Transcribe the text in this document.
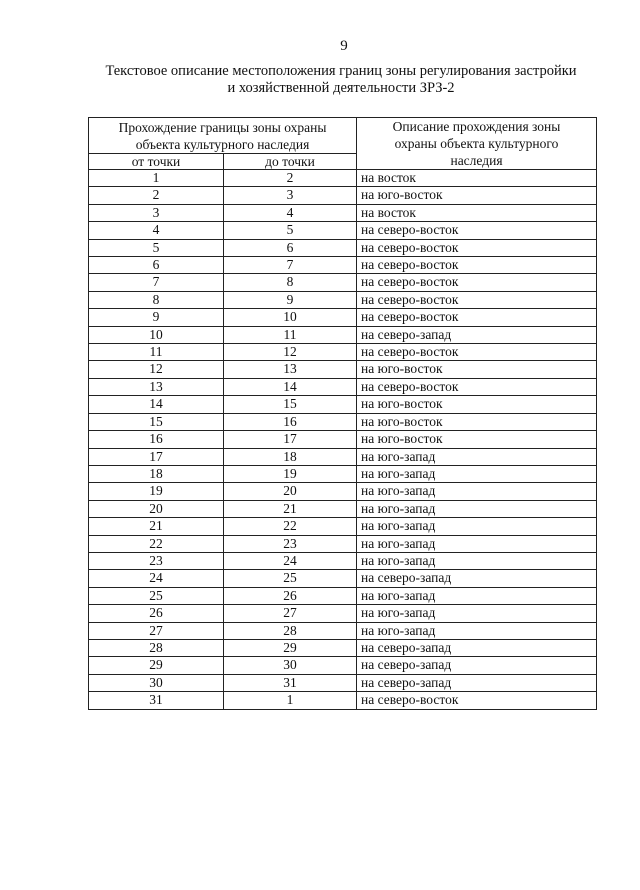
9
Текстовое описание местоположения границ зоны регулирования застройки
и хозяйственной деятельности ЗРЗ-2
Прохождение границы зоны охраны
объекта культурного наследия		Описание прохождения зоны
охраны объекта культурного
наследия

от точки	до точки	
1	2	на восток
2	3	на юго-восток
3	4	на восток
4	5	на северо-восток
5	6	на северо-восток
6	7	на северо-восток
7	8	на северо-восток
8	9	на северо-восток
9	10	на северо-восток
10	11	на северо-запад
11	12	на северо-восток
12	13	на юго-восток
13	14	на северо-восток
14	15	на юго-восток
15	16	на юго-восток
16	17	на юго-восток
17	18	на юго-запад
18	19	на юго-запад
19	20	на юго-запад
20	21	на юго-запад
21	22	на юго-запад
22	23	на юго-запад
23	24	на юго-запад
24	25	на северо-запад
25	26	на юго-запад
26	27	на юго-запад
27	28	на юго-запад
28	29	на северо-запад
29	30	на северо-запад
30	31	на северо-запад
31	1	на северо-восток
